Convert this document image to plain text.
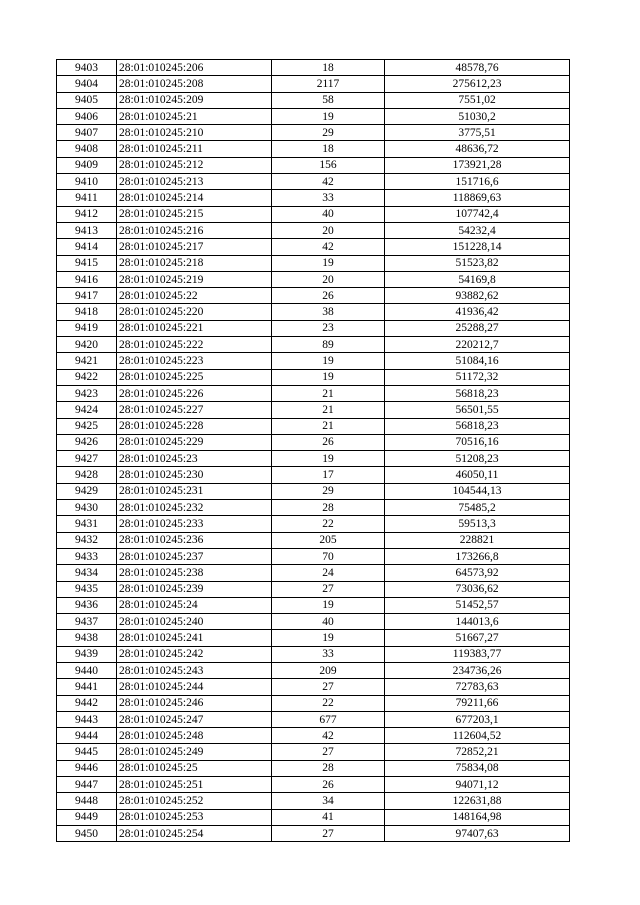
9403	28:01:010245:206	18	48578,76
9404	28:01:010245:208	2117	275612,23
9405	28:01:010245:209	58	7551,02
9406	28:01:010245:21	19	51030,2
9407	28:01:010245:210	29	3775,51
9408	28:01:010245:211	18	48636,72
9409	28:01:010245:212	156	173921,28
9410	28:01:010245:213	42	151716,6
9411	28:01:010245:214	33	118869,63
9412	28:01:010245:215	40	107742,4
9413	28:01:010245:216	20	54232,4
9414	28:01:010245:217	42	151228,14
9415	28:01:010245:218	19	51523,82
9416	28:01:010245:219	20	54169,8
9417	28:01:010245:22	26	93882,62
9418	28:01:010245:220	38	41936,42
9419	28:01:010245:221	23	25288,27
9420	28:01:010245:222	89	220212,7
9421	28:01:010245:223	19	51084,16
9422	28:01:010245:225	19	51172,32
9423	28:01:010245:226	21	56818,23
9424	28:01:010245:227	21	56501,55
9425	28:01:010245:228	21	56818,23
9426	28:01:010245:229	26	70516,16
9427	28:01:010245:23	19	51208,23
9428	28:01:010245:230	17	46050,11
9429	28:01:010245:231	29	104544,13
9430	28:01:010245:232	28	75485,2
9431	28:01:010245:233	22	59513,3
9432	28:01:010245:236	205	228821
9433	28:01:010245:237	70	173266,8
9434	28:01:010245:238	24	64573,92
9435	28:01:010245:239	27	73036,62
9436	28:01:010245:24	19	51452,57
9437	28:01:010245:240	40	144013,6
9438	28:01:010245:241	19	51667,27
9439	28:01:010245:242	33	119383,77
9440	28:01:010245:243	209	234736,26
9441	28:01:010245:244	27	72783,63
9442	28:01:010245:246	22	79211,66
9443	28:01:010245:247	677	677203,1
9444	28:01:010245:248	42	112604,52
9445	28:01:010245:249	27	72852,21
9446	28:01:010245:25	28	75834,08
9447	28:01:010245:251	26	94071,12
9448	28:01:010245:252	34	122631,88
9449	28:01:010245:253	41	148164,98
9450	28:01:010245:254	27	97407,63
